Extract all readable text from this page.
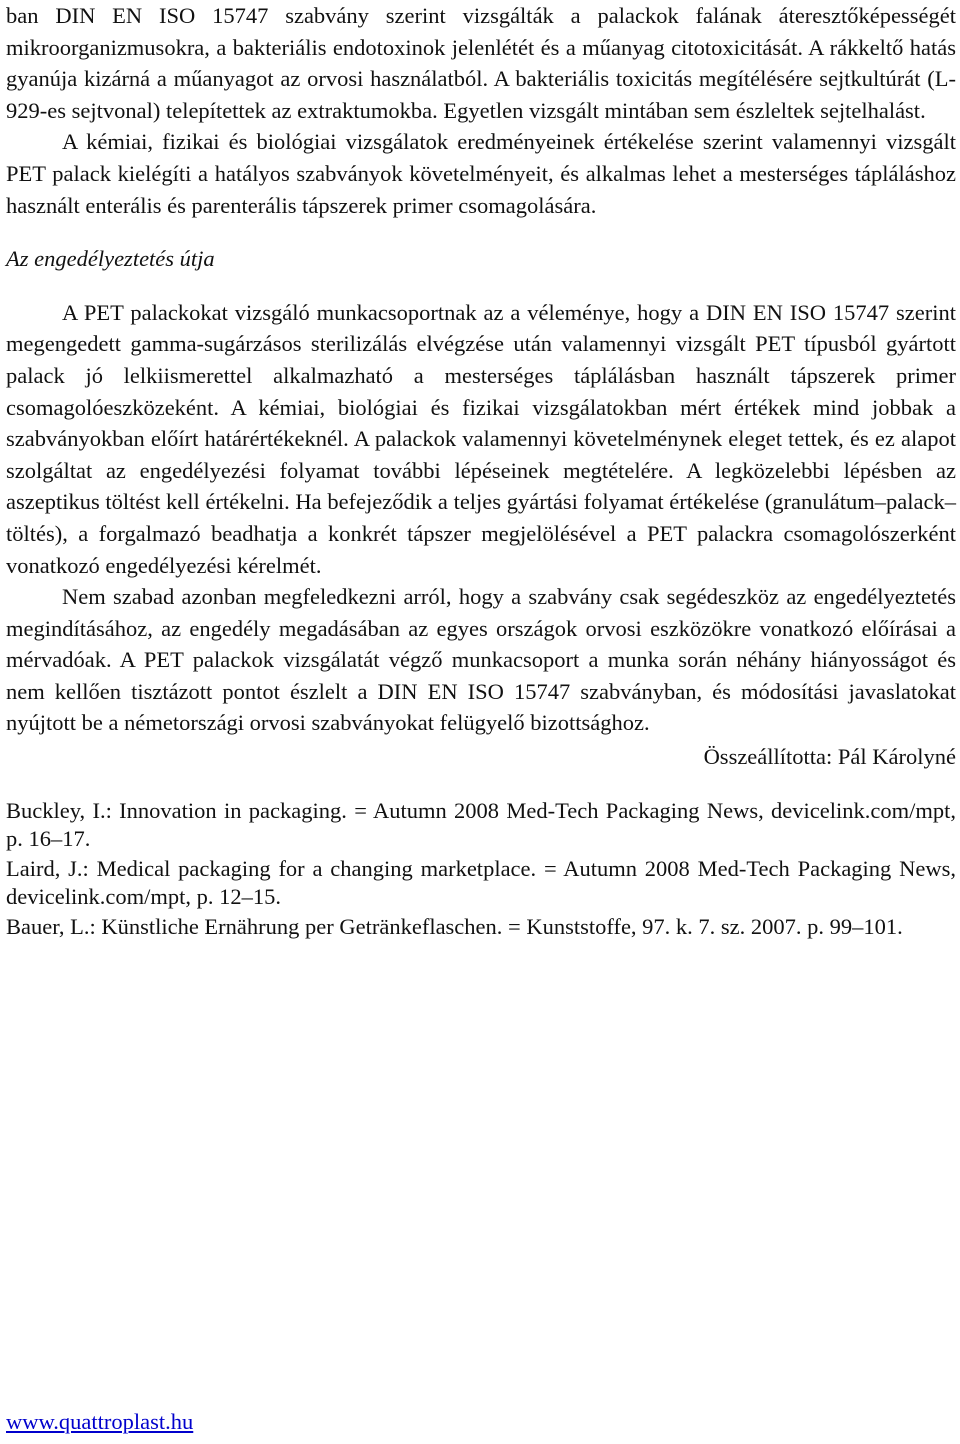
ban DIN EN ISO 15747 szabvány szerint vizsgálták a palackok falának áteresztőképességét mikroorganizmusokra, a bakteriális endotoxinok jelenlétét és a műanyag citotoxicitását. A rákkeltő hatás gyanúja kizárná a műanyagot az orvosi használatból. A bakteriális toxicitás megítélésére sejtkultúrát (L-929-es sejtvonal) telepítettek az extraktumokba. Egyetlen vizsgált mintában sem észleltek sejtelhalást.

A kémiai, fizikai és biológiai vizsgálatok eredményeinek értékelése szerint valamennyi vizsgált PET palack kielégíti a hatályos szabványok követelményeit, és alkalmas lehet a mesterséges tápláláshoz használt enterális és parenterális tápszerek primer csomagolására.

Az engedélyeztetés útja

A PET palackokat vizsgáló munkacsoportnak az a véleménye, hogy a DIN EN ISO 15747 szerint megengedett gamma-sugárzásos sterilizálás elvégzése után valamennyi vizsgált PET típusból gyártott palack jó lelkiismerettel alkalmazható a mesterséges táplálásban használt tápszerek primer csomagolóeszközeként. A kémiai, biológiai és fizikai vizsgálatokban mért értékek mind jobbak a szabványokban előírt határértékeknél. A palackok valamennyi követelménynek eleget tettek, és ez alapot szolgáltat az engedélyezési folyamat további lépéseinek megtételére. A legközelebbi lépésben az aszeptikus töltést kell értékelni. Ha befejeződik a teljes gyártási folyamat értékelése (granulátum–palack–töltés), a forgalmazó beadhatja a konkrét tápszer megjelölésével a PET palackra csomagolószerként vonatkozó engedélyezési kérelmét.

Nem szabad azonban megfeledkezni arról, hogy a szabvány csak segédeszköz az engedélyeztetés megindításához, az engedély megadásában az egyes országok orvosi eszközökre vonatkozó előírásai a mérvadóak. A PET palackok vizsgálatát végző munkacsoport a munka során néhány hiányosságot és nem kellően tisztázott pontot észlelt a DIN EN ISO 15747 szabványban, és módosítási javaslatokat nyújtott be a németországi orvosi szabványokat felügyelő bizottsághoz.

Összeállította: Pál Károlyné

Buckley, I.: Innovation in packaging. = Autumn 2008 Med-Tech Packaging News, devicelink.com/mpt, p. 16–17.

Laird, J.: Medical packaging for a changing marketplace. = Autumn 2008 Med-Tech Packaging News, devicelink.com/mpt, p. 12–15.

Bauer, L.: Künstliche Ernährung per Getränkeflaschen. = Kunststoffe, 97. k. 7. sz. 2007. p. 99–101.

www.quattroplast.hu
